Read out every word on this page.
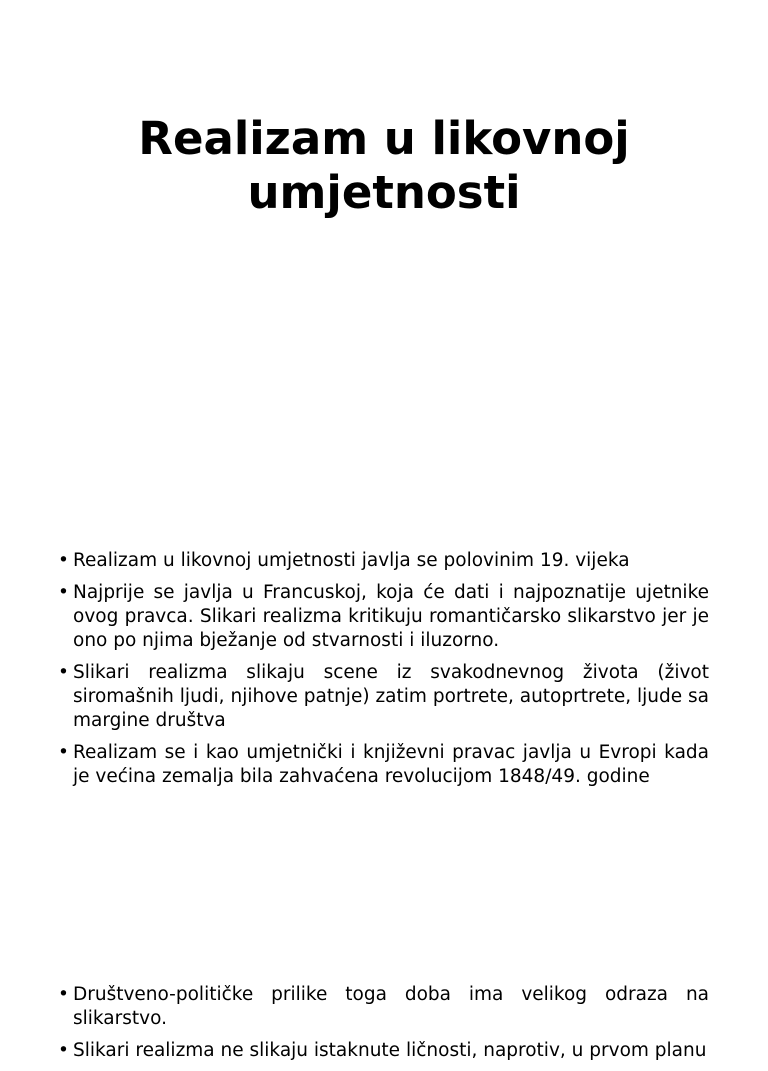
Realizam u likovnoj
umjetnosti
• Realizam u likovnoj umjetnosti javlja se polovinim 19. vijeka
• Najprije se javlja u Francuskoj, koja će dati i najpoznatije ujetnike ovog pravca. Slikari realizma kritikuju romantičarsko slikarstvo jer je ono po njima bježanje od stvarnosti i iluzorno.
• Slikari realizma slikaju scene iz svakodnevnog života (život siromašnih ljudi, njihove patnje) zatim portrete, autoprtrete, ljude sa margine društva
• Realizam se i kao umjetnički i književni pravac javlja u Evropi kada je većina zemalja bila zahvaćena revolucijom 1848/49. godine
• Društveno-političke prilike toga doba ima velikog odraza na slikarstvo.
• Slikari realizma ne slikaju istaknute ličnosti, naprotiv, u prvom planu
